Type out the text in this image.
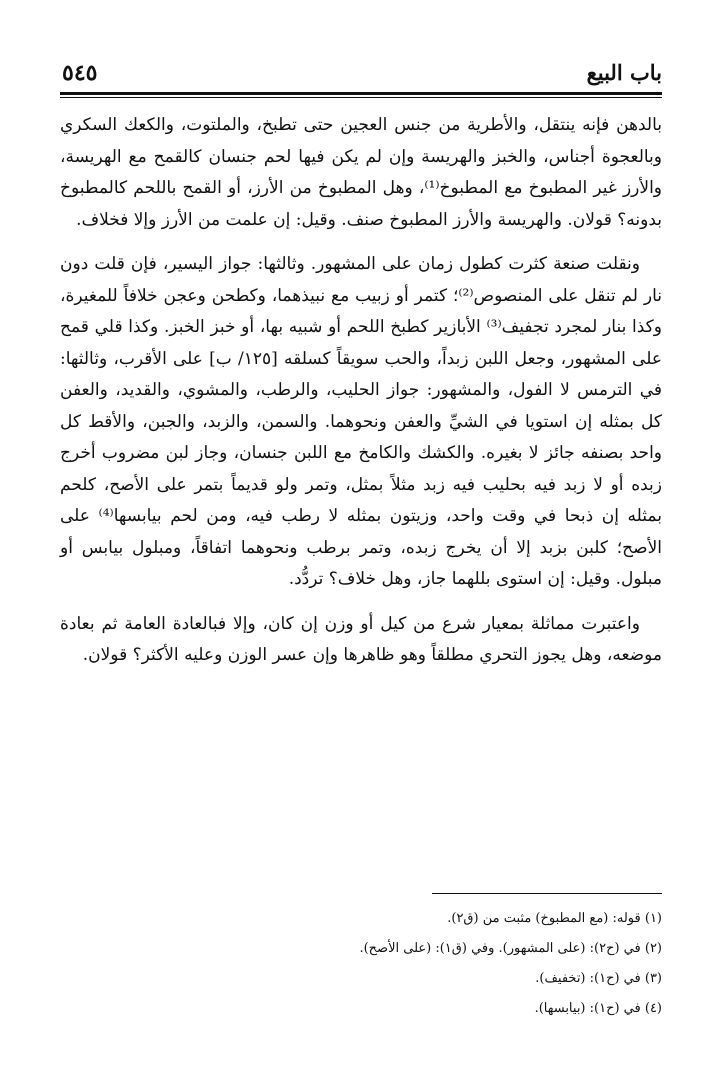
باب البيع
٥٤٥

بالدهن فإنه ينتقل، والأطرية من جنس العجين حتى تطبخ، والملتوت، والكعك السكري وبالعجوة أجناس، والخبز والهريسة وإن لم يكن فيها لحم جنسان كالقمح مع الهريسة، والأرز غير المطبوخ مع المطبوخ⁽¹⁾، وهل المطبوخ من الأرز، أو القمح باللحم كالمطبوخ بدونه؟ قولان. والهريسة والأرز المطبوخ صنف. وقيل: إن علمت من الأرز وإلا فخلاف.

ونقلت صنعة كثرت كطول زمان على المشهور. وثالثها: جواز اليسير، فإن قلت دون نار لم تنقل على المنصوص⁽²⁾؛ كتمر أو زبيب مع نبيذهما، وكطحن وعجن خلافاً للمغيرة، وكذا بنار لمجرد تجفيف⁽³⁾ الأبازير كطبخ اللحم أو شبيه بها، أو خبز الخبز. وكذا قلي قمح على المشهور، وجعل اللبن زبداً، والحب سويقاً كسلقه [١٢٥/ ب] على الأقرب، وثالثها: في الترمس لا الفول، والمشهور: جواز الحليب، والرطب، والمشوي، والقديد، والعفن كل بمثله إن استويا في الشيِّ والعفن ونحوهما. والسمن، والزبد، والجبن، والأقط كل واحد بصنفه جائز لا بغيره. والكشك والكامخ مع اللبن جنسان، وجاز لبن مضروب أخرج زبده أو لا زبد فيه بحليب فيه زبد مثلاً بمثل، وتمر ولو قديماً بتمر على الأصح، كلحم بمثله إن ذبحا في وقت واحد، وزيتون بمثله لا رطب فيه، ومن لحم بيابسها⁽⁴⁾ على الأصح؛ كلبن بزبد إلا أن يخرج زبده، وتمر برطب ونحوهما اتفاقاً، ومبلول بيابس أو مبلول. وقيل: إن استوى بللهما جاز، وهل خلاف؟ تردُّد.

واعتبرت مماثلة بمعيار شرع من كيل أو وزن إن كان، وإلا فبالعادة العامة ثم بعادة موضعه، وهل يجوز التحري مطلقاً وهو ظاهرها وإن عسر الوزن وعليه الأكثر؟ قولان.

(١) قوله: (مع المطبوخ) مثبت من (ق٢).

(٢) في (ح٢): (على المشهور). وفي (ق١): (على الأصح).

(٣) في (ح١): (تخفيف).

(٤) في (ح١): (بيابسها).
